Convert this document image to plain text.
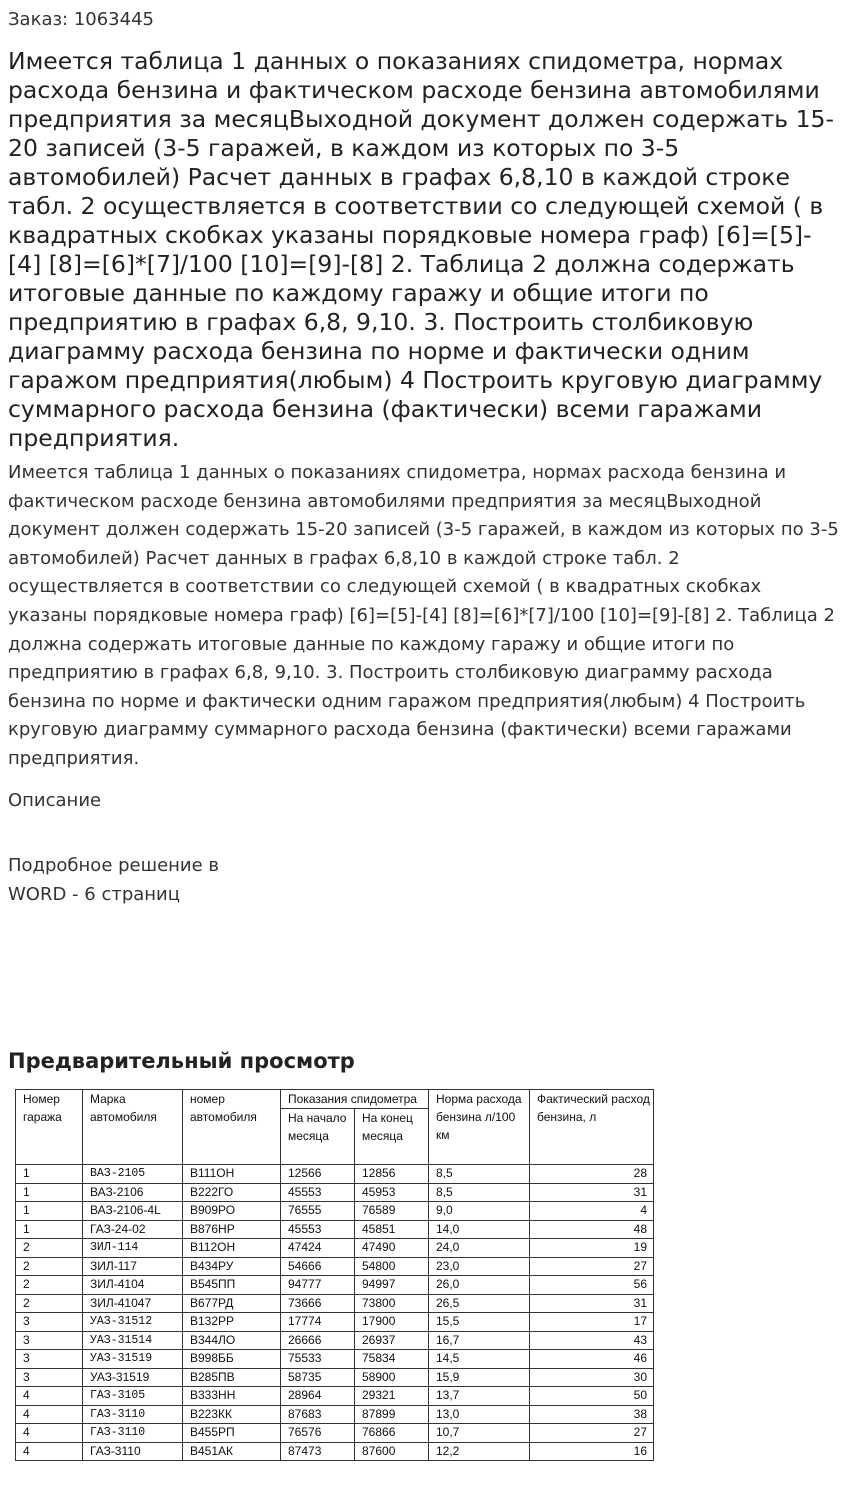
Заказ: 1063445
Имеется таблица 1 данных о показаниях спидометра, нормах расхода бензина и фактическом расходе бензина автомобилями предприятия за месяцВыходной документ должен содержать 15-20 записей (3-5 гаражей, в каждом из которых по 3-5 автомобилей) Расчет данных в графах 6,8,10 в каждой строке табл. 2 осуществляется в соответствии со следующей схемой ( в квадратных скобках указаны порядковые номера граф) [6]=[5]-[4] [8]=[6]*[7]/100 [10]=[9]-[8] 2. Таблица 2 должна содержать итоговые данные по каждому гаражу и общие итоги по предприятию в графах 6,8, 9,10. 3. Построить столбиковую диаграмму расхода бензина по норме и фактически одним гаражом предприятия(любым) 4 Построить круговую диаграмму суммарного расхода бензина (фактически) всеми гаражами предприятия.

Имеется таблица 1 данных о показаниях спидометра, нормах расхода бензина и фактическом расходе бензина автомобилями предприятия за месяцВыходной документ должен содержать 15-20 записей (3-5 гаражей, в каждом из которых по 3-5 автомобилей) Расчет данных в графах 6,8,10 в каждой строке табл. 2 осуществляется в соответствии со следующей схемой ( в квадратных скобках указаны порядковые номера граф) [6]=[5]-[4] [8]=[6]*[7]/100 [10]=[9]-[8] 2. Таблица 2 должна содержать итоговые данные по каждому гаражу и общие итоги по предприятию в графах 6,8, 9,10. 3. Построить столбиковую диаграмму расхода бензина по норме и фактически одним гаражом предприятия(любым) 4 Построить круговую диаграмму суммарного расхода бензина (фактически) всеми гаражами предприятия.

Описание

Подробное решение в WORD - 6 страниц

Предварительный просмотр
Номер гаража	Марка автомобиля	номер автомобиля	Показания спидометра		Норма расхода бензина л/100 км	Фактический расход бензина, л
			На начало месяца	На конец месяца		
1	ВАЗ-2105	В111ОН	12566	12856	8,5	28
1	ВАЗ-2106	В222ГО	45553	45953	8,5	31
1	ВАЗ-2106-4L	В909РО	76555	76589	9,0	4
1	ГАЗ-24-02	В876НР	45553	45851	14,0	48
2	ЗИЛ-114	В112ОН	47424	47490	24,0	19
2	ЗИЛ-117	В434РУ	54666	54800	23,0	27
2	ЗИЛ-4104	В545ПП	94777	94997	26,0	56
2	ЗИЛ-41047	В677РД	73666	73800	26,5	31
3	УАЗ-31512	В132РР	17774	17900	15,5	17
3	УАЗ-31514	В344ЛО	26666	26937	16,7	43
3	УАЗ-31519	В998ББ	75533	75834	14,5	46
3	УАЗ-31519	В285ПВ	58735	58900	15,9	30
4	ГАЗ-3105	В333НН	28964	29321	13,7	50
4	ГАЗ-3110	В223КК	87683	87899	13,0	38
4	ГАЗ-3110	В455РП	76576	76866	10,7	27
4	ГАЗ-3110	В451АК	87473	87600	12,2	16
